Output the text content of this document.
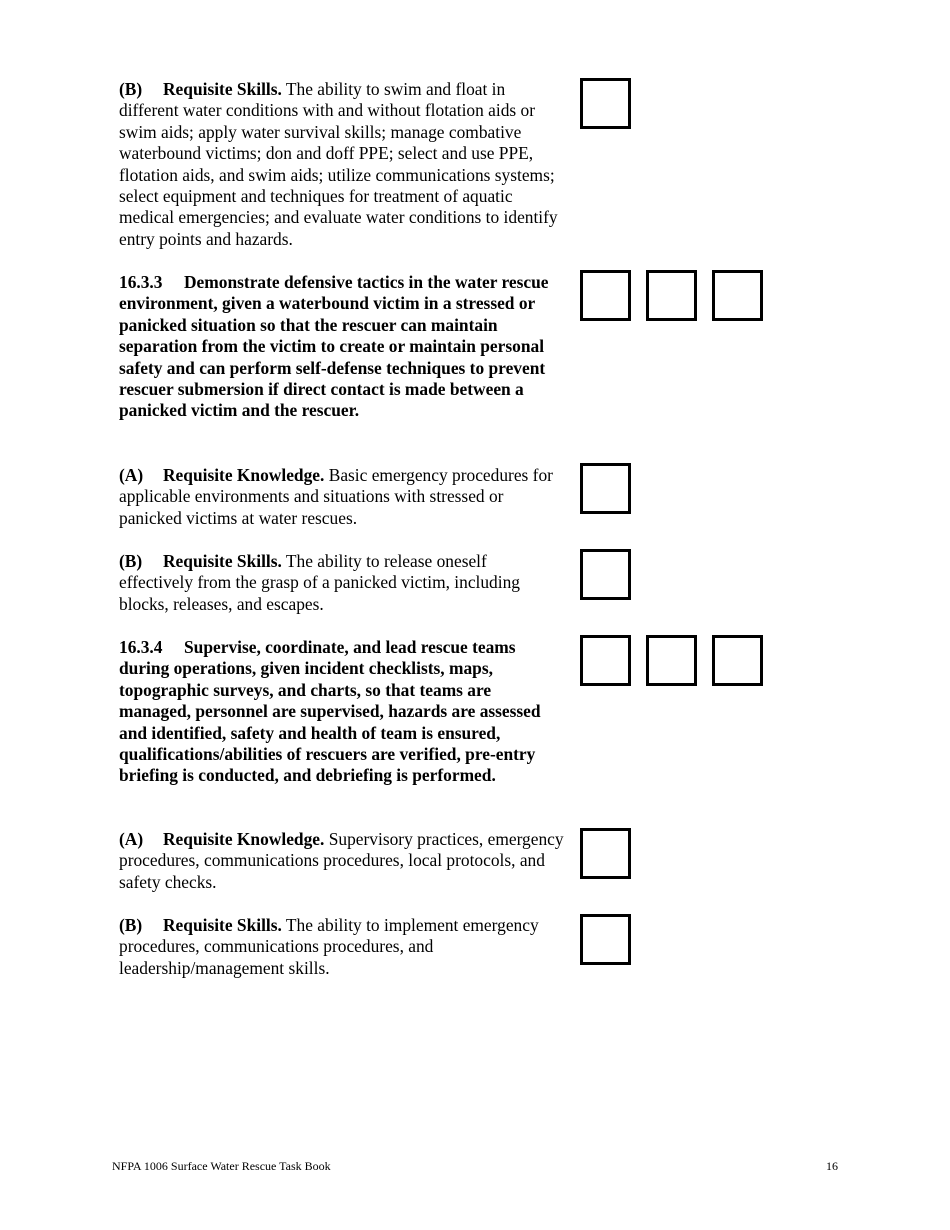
(B) Requisite Skills. The ability to swim and float in different water conditions with and without flotation aids or swim aids; apply water survival skills; manage combative waterbound victims; don and doff PPE; select and use PPE, flotation aids, and swim aids; utilize communications systems; select equipment and techniques for treatment of aquatic medical emergencies; and evaluate water conditions to identify entry points and hazards.

16.3.3 Demonstrate defensive tactics in the water rescue environment, given a waterbound victim in a stressed or panicked situation so that the rescuer can maintain separation from the victim to create or maintain personal safety and can perform self-defense techniques to prevent rescuer submersion if direct contact is made between a panicked victim and the rescuer.

(A) Requisite Knowledge. Basic emergency procedures for applicable environments and situations with stressed or panicked victims at water rescues.

(B) Requisite Skills. The ability to release oneself effectively from the grasp of a panicked victim, including blocks, releases, and escapes.

16.3.4 Supervise, coordinate, and lead rescue teams during operations, given incident checklists, maps, topographic surveys, and charts, so that teams are managed, personnel are supervised, hazards are assessed and identified, safety and health of team is ensured, qualifications/abilities of rescuers are verified, pre-entry briefing is conducted, and debriefing is performed.

(A) Requisite Knowledge. Supervisory practices, emergency procedures, communications procedures, local protocols, and safety checks.

(B) Requisite Skills. The ability to implement emergency procedures, communications procedures, and leadership/management skills.

NFPA 1006 Surface Water Rescue Task Book	16
